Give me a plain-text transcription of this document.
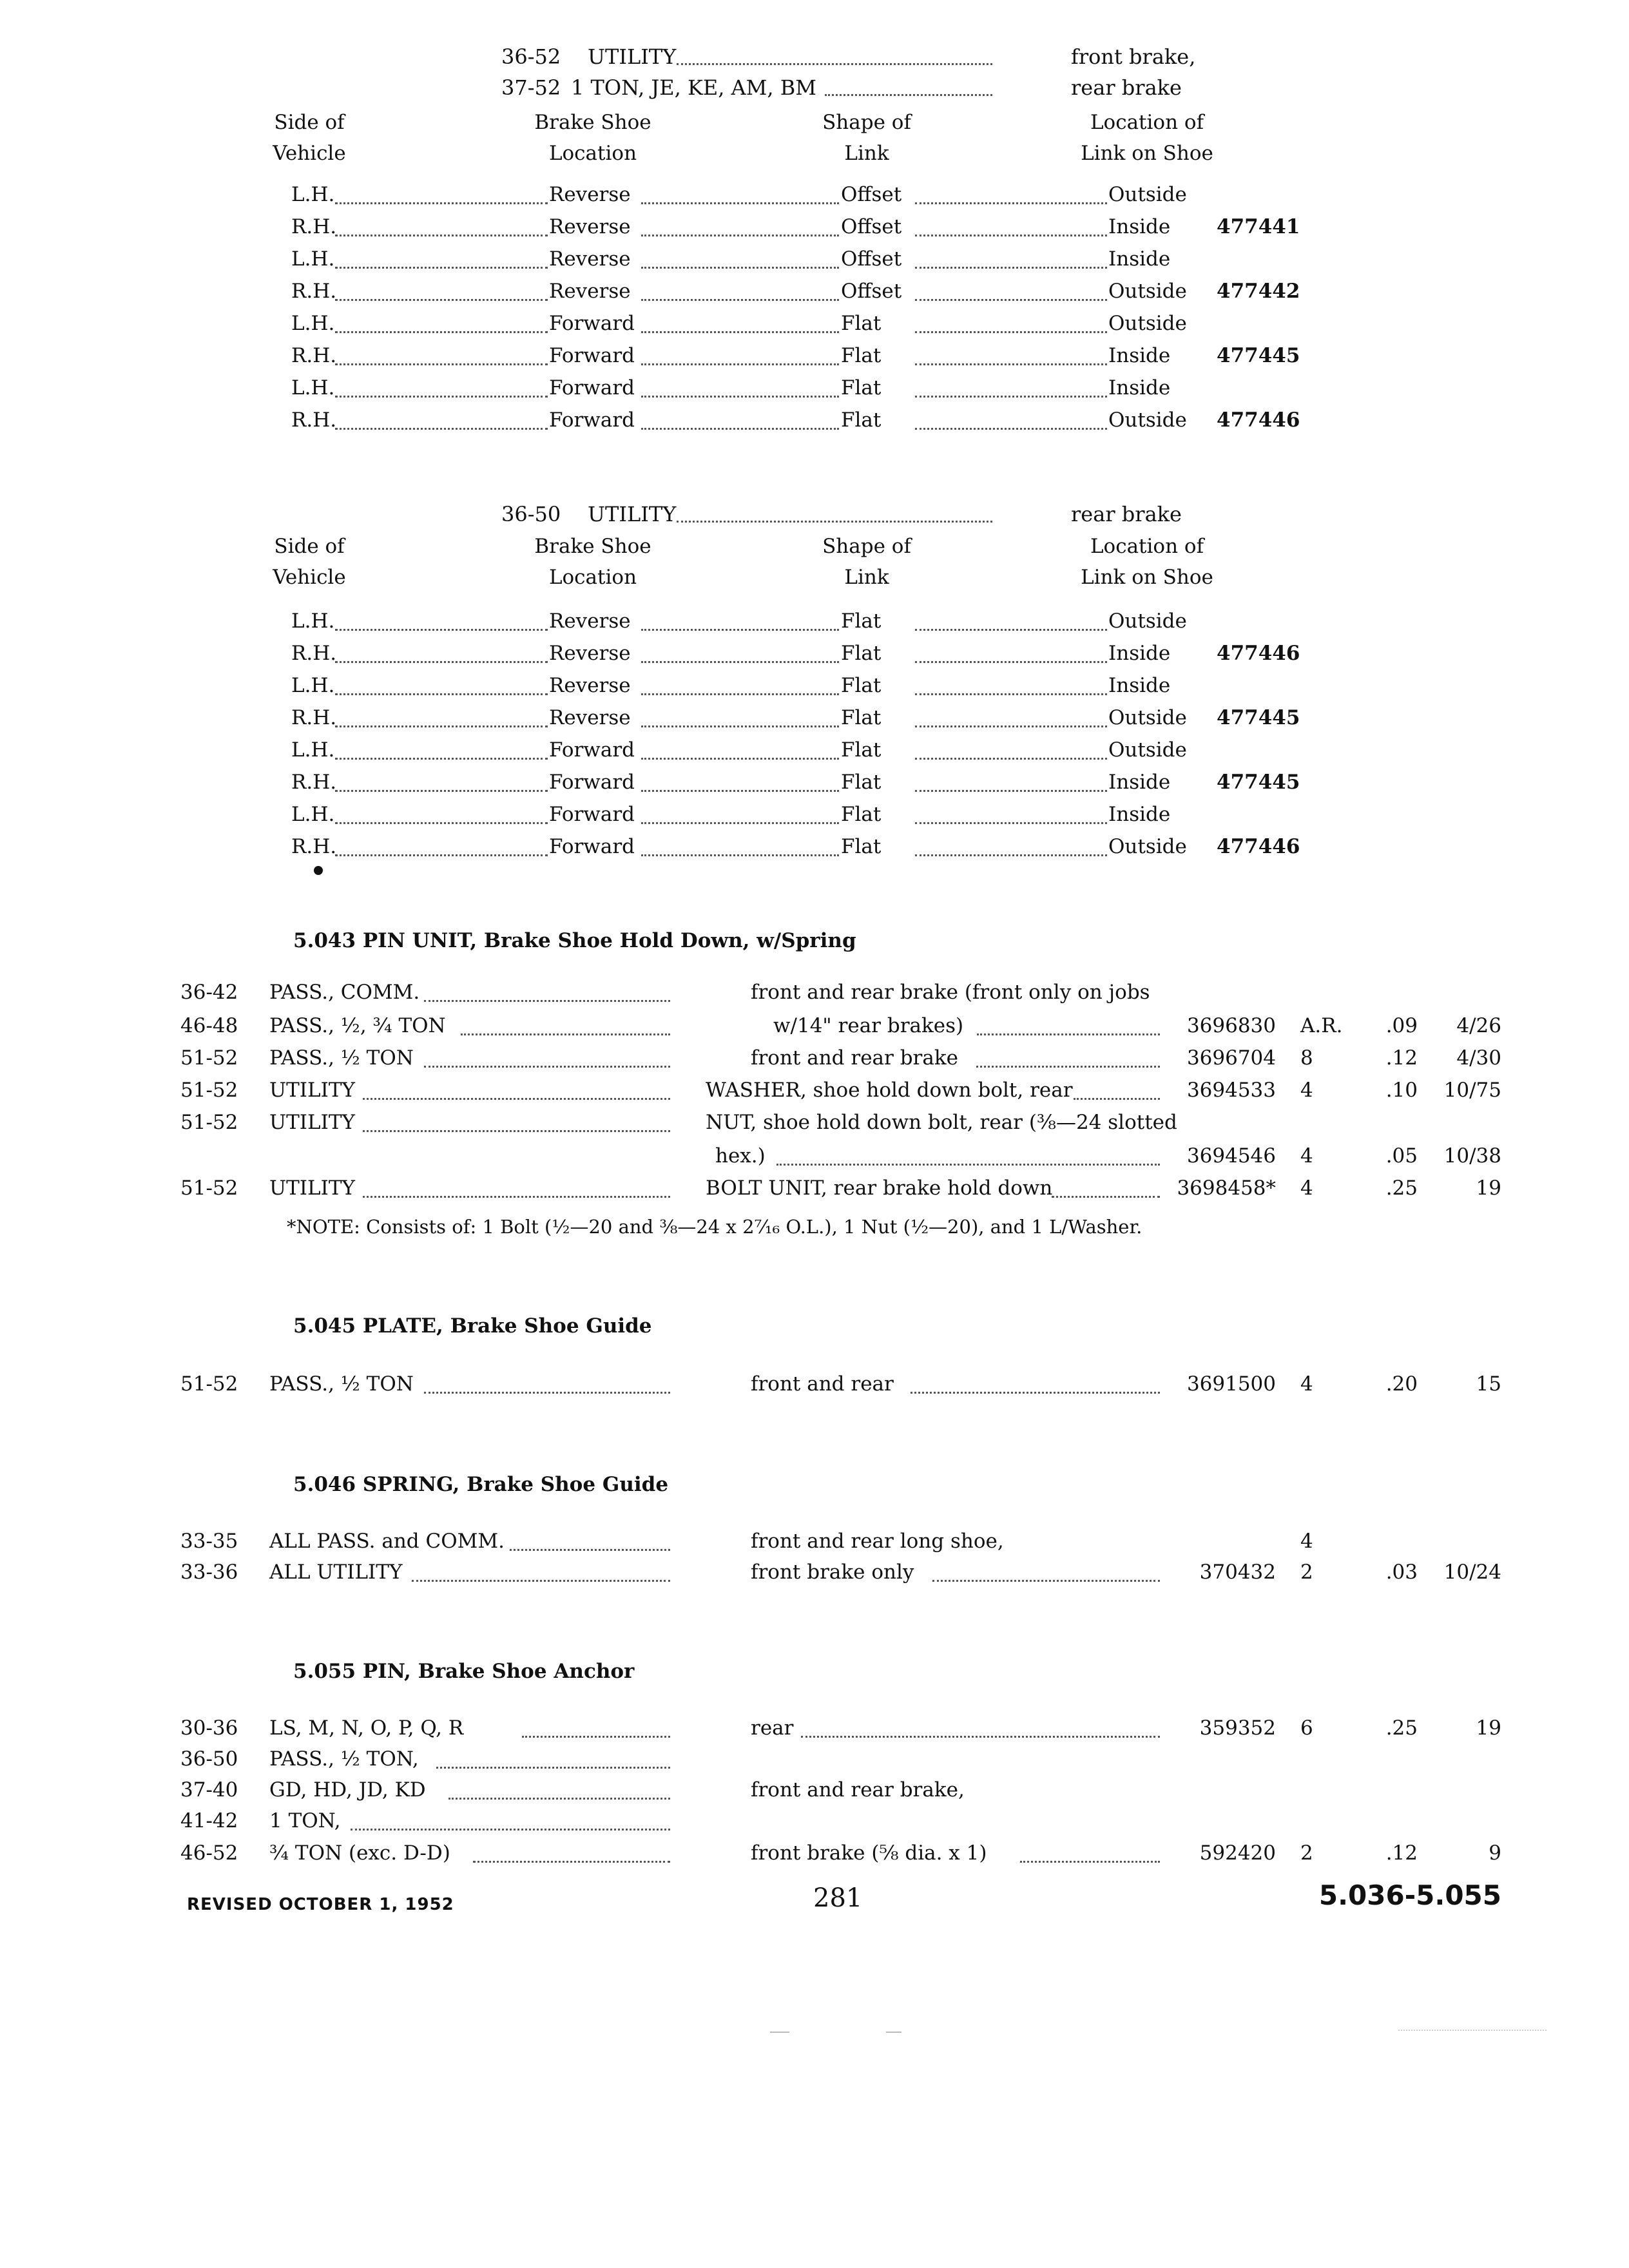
36-52 UTILITY	front brake,
37-52 1 TON, JE, KE, AM, BM	rear brake
Side of
Vehicle
Brake Shoe
Location
Shape of
Link
Location of
Link on Shoe
L.H.	Reverse	Offset	Outside
R.H.	Reverse	Offset	Inside 477441
L.H.	Reverse	Offset	Inside
R.H.	Reverse	Offset	Outside 477442
L.H.	Forward	Flat	Outside
R.H.	Forward	Flat	Inside 477445
L.H.	Forward	Flat	Inside
R.H.	Forward	Flat	Outside 477446
36-50 UTILITY	rear brake
Side of
Vehicle
Brake Shoe
Location
Shape of
Link
Location of
Link on Shoe
L.H.	Reverse	Flat	Outside
R.H.	Reverse	Flat	Inside 477446
L.H.	Reverse	Flat	Inside
R.H.	Reverse	Flat	Outside 477445
L.H.	Forward	Flat	Outside
R.H.	Forward	Flat	Inside 477445
L.H.	Forward	Flat	Inside
R.H.	Forward	Flat	Outside 477446
5.043 PIN UNIT, Brake Shoe Hold Down, w/Spring
36-42 PASS., COMM.	front and rear brake (front only on jobs
46-48 PASS., ½, ¾ TON	w/14" rear brakes)	3696830 A.R.	.09	4/26
51-52 PASS., ½ TON	front and rear brake	3696704 8	.12	4/30
51-52 UTILITY	WASHER, shoe hold down bolt, rear	3694533 4	.10	10/75
51-52 UTILITY	NUT, shoe hold down bolt, rear (⅜—24 slotted
hex.)	3694546 4	.05	10/38
51-52 UTILITY	BOLT UNIT, rear brake hold down	3698458* 4	.25	19
*NOTE: Consists of: 1 Bolt (½—20 and ⅜—24 x 2⁷⁄₁₆ O.L.), 1 Nut (½—20), and 1 L/Washer.
5.045 PLATE, Brake Shoe Guide
51-52 PASS., ½ TON	front and rear	3691500 4	.20	15
5.046 SPRING, Brake Shoe Guide
33-35 ALL PASS. and COMM.	front and rear long shoe,	4
33-36 ALL UTILITY	front brake only	370432 2	.03	10/24
5.055 PIN, Brake Shoe Anchor
30-36 LS, M, N, O, P, Q, R	rear	359352 6	.25	19
36-50 PASS., ½ TON,
37-40 GD, HD, JD, KD	front and rear brake,
41-42 1 TON,
46-52 ¾ TON (exc. D-D)	front brake (⅝ dia. x 1)	592420 2	.12	9
REVISED OCTOBER 1, 1952	281	5.036-5.055
